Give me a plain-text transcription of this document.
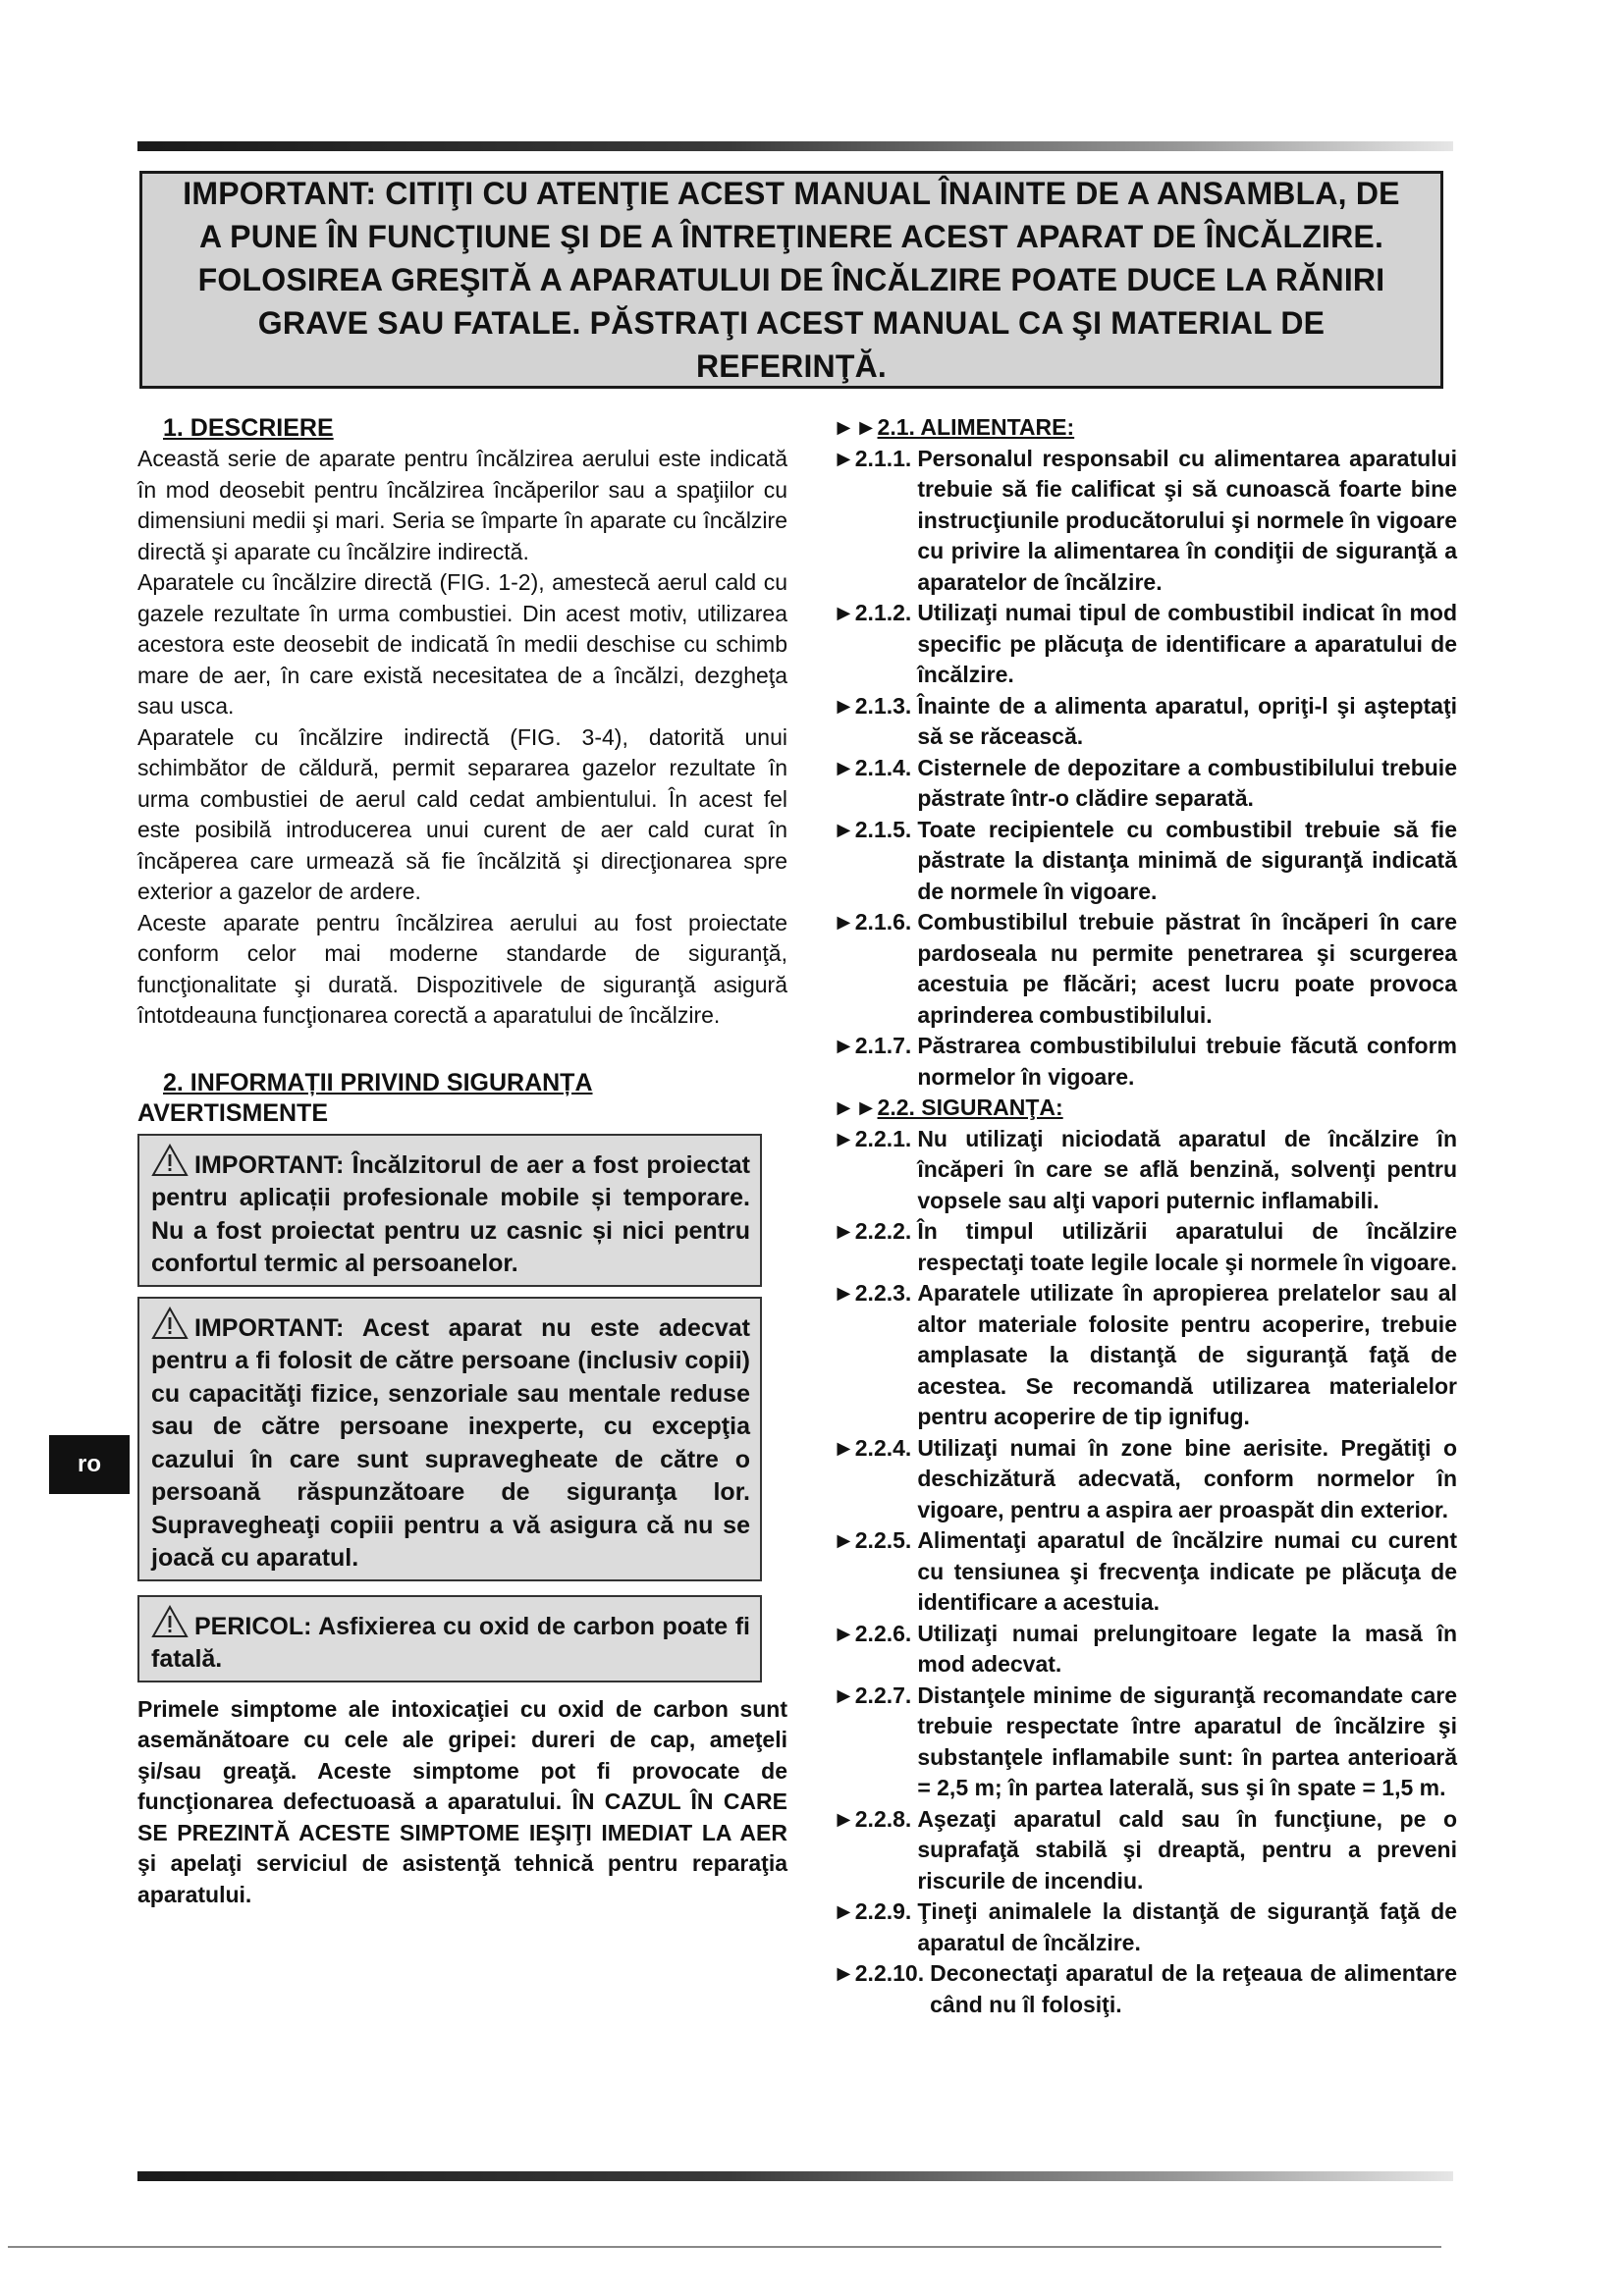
IMPORTANT: CITIŢI CU ATENŢIE ACEST MANUAL ÎNAINTE DE A ANSAMBLA, DE A PUNE ÎN FUNCŢIUNE ŞI DE A ÎNTREŢINERE ACEST APARAT DE ÎNCĂLZIRE. FOLOSIREA GREŞITĂ A APARATULUI DE ÎNCĂLZIRE POATE DUCE LA RĂNIRI GRAVE SAU FATALE. PĂSTRAŢI ACEST MANUAL CA ŞI MATERIAL DE REFERINŢĂ.

ro

1. DESCRIERE

Această serie de aparate pentru încălzirea aerului este indicată în mod deosebit pentru încălzirea încăperilor sau a spaţiilor cu dimensiuni medii şi mari. Seria se împarte în aparate cu încălzire directă şi aparate cu încălzire indirectă.

Aparatele cu încălzire directă (FIG. 1-2), amestecă aerul cald cu gazele rezultate în urma combustiei. Din acest motiv, utilizarea acestora este deosebit de indicată în medii deschise cu schimb mare de aer, în care există necesitatea de a încălzi, dezgheţa sau usca.

Aparatele cu încălzire indirectă (FIG. 3-4), datorită unui schimbător de căldură, permit separarea gazelor rezultate în urma combustiei de aerul cald cedat ambientului. În acest fel este posibilă introducerea unui curent de aer cald curat în încăperea care urmează să fie încălzită şi direcţionarea spre exterior a gazelor de ardere.

Aceste aparate pentru încălzirea aerului au fost proiectate conform celor mai moderne standarde de siguranţă, funcţionalitate şi durată. Dispozitivele de siguranţă asigură întotdeauna funcţionarea corectă a aparatului de încălzire.

2. INFORMAȚII PRIVIND SIGURANȚA

AVERTISMENTE

IMPORTANT: Încălzitorul de aer a fost proiectat pentru aplicații profesionale mobile și temporare. Nu a fost proiectat pentru uz casnic și nici pentru confortul termic al persoanelor.
IMPORTANT: Acest aparat nu este adecvat pentru a fi folosit de către persoane (inclusiv copii) cu capacităţi fizice, senzoriale sau mentale reduse sau de către persoane inexperte, cu excepţia cazului în care sunt supravegheate de către o persoană răspunzătoare de siguranţa lor. Supravegheaţi copiii pentru a vă asigura că nu se joacă cu aparatul.
PERICOL: Asfixierea cu oxid de carbon poate fi fatală.

Primele simptome ale intoxicaţiei cu oxid de carbon sunt asemănătoare cu cele ale gripei: dureri de cap, ameţeli şi/sau greaţă. Aceste simptome pot fi provocate de funcţionarea defectuoasă a aparatului. ÎN CAZUL ÎN CARE SE PREZINTĂ ACESTE SIMPTOME IEŞIŢI IMEDIAT LA AER şi apelaţi serviciul de asistenţă tehnică pentru reparaţia aparatului.

►►2.1. ALIMENTARE:

►2.1.1. Personalul responsabil cu alimentarea aparatului trebuie să fie calificat şi să cunoască foarte bine instrucţiunile producătorului şi normele în vigoare cu privire la alimentarea în condiţii de siguranţă a aparatelor de încălzire.

►2.1.2. Utilizaţi numai tipul de combustibil indicat în mod specific pe plăcuţa de identificare a aparatului de încălzire.

►2.1.3. Înainte de a alimenta aparatul, opriţi-l şi aşteptaţi să se răcească.

►2.1.4. Cisternele de depozitare a combustibilului trebuie păstrate într-o clădire separată.

►2.1.5. Toate recipientele cu combustibil trebuie să fie păstrate la distanţa minimă de siguranţă indicată de normele în vigoare.

►2.1.6. Combustibilul trebuie păstrat în încăperi în care pardoseala nu permite penetrarea şi scurgerea acestuia pe flăcări; acest lucru poate provoca aprinderea combustibilului.

►2.1.7. Păstrarea combustibilului trebuie făcută conform normelor în vigoare.

►►2.2. SIGURANŢA:

►2.2.1. Nu utilizaţi niciodată aparatul de încălzire în încăperi în care se află benzină, solvenţi pentru vopsele sau alţi vapori puternic inflamabili.

►2.2.2. În timpul utilizării aparatului de încălzire respectaţi toate legile locale şi normele în vigoare.

►2.2.3. Aparatele utilizate în apropierea prelatelor sau al altor materiale folosite pentru acoperire, trebuie amplasate la distanţă de siguranţă faţă de acestea. Se recomandă utilizarea materialelor pentru acoperire de tip ignifug.

►2.2.4. Utilizaţi numai în zone bine aerisite. Pregătiţi o deschizătură adecvată, conform normelor în vigoare, pentru a aspira aer proaspăt din exterior.

►2.2.5. Alimentaţi aparatul de încălzire numai cu curent cu tensiunea şi frecvenţa indicate pe plăcuţa de identificare a acestuia.

►2.2.6. Utilizaţi numai prelungitoare legate la masă în mod adecvat.

►2.2.7. Distanţele minime de siguranţă recomandate care trebuie respectate între aparatul de încălzire şi substanţele inflamabile sunt: în partea anterioară = 2,5 m; în partea laterală, sus şi în spate = 1,5 m.

►2.2.8. Aşezaţi aparatul cald sau în funcţiune, pe o suprafaţă stabilă şi dreaptă, pentru a preveni riscurile de incendiu.

►2.2.9. Ţineţi animalele la distanţă de siguranţă faţă de aparatul de încălzire.

►2.2.10. Deconectaţi aparatul de la reţeaua de alimentare când nu îl folosiţi.
